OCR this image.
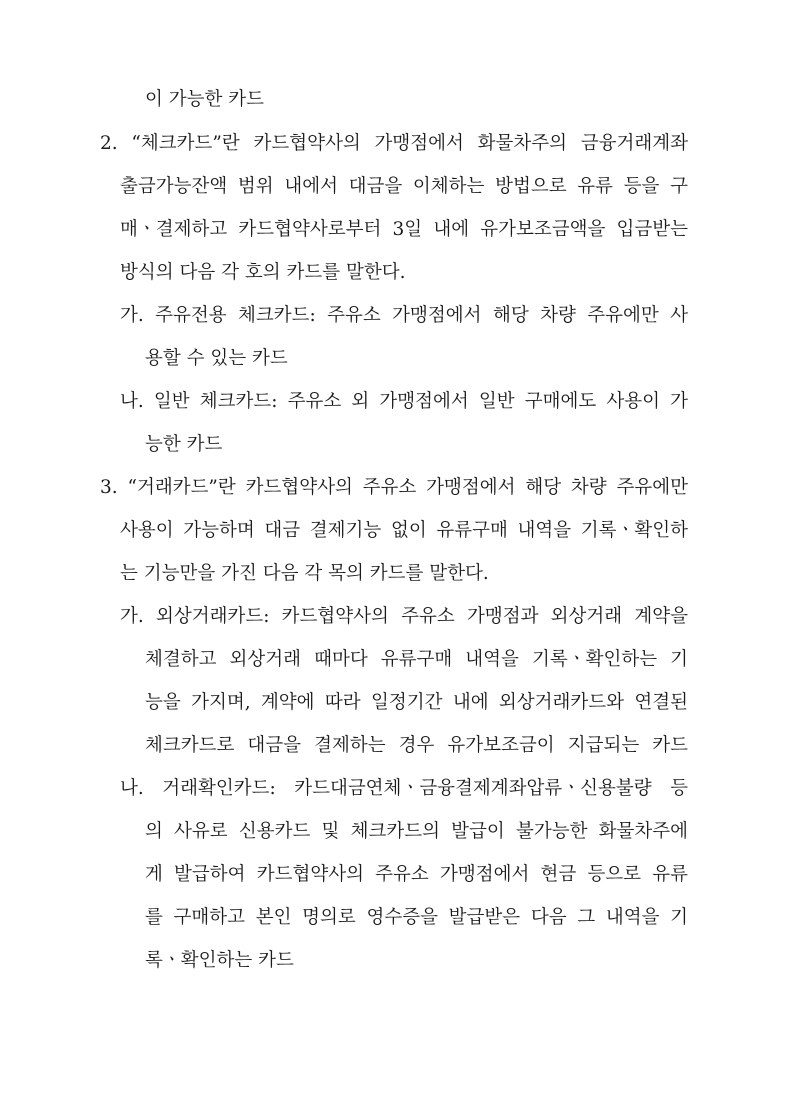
이 가능한 카드
2. “체크카드”란 카드협약사의 가맹점에서 화물차주의 금융거래계좌
출금가능잔액 범위 내에서 대금을 이체하는 방법으로 유류 등을 구
매ㆍ결제하고 카드협약사로부터 3일 내에 유가보조금액을 입금받는
방식의 다음 각 호의 카드를 말한다.
가. 주유전용 체크카드: 주유소 가맹점에서 해당 차량 주유에만 사
용할 수 있는 카드
나. 일반 체크카드: 주유소 외 가맹점에서 일반 구매에도 사용이 가
능한 카드
3. “거래카드”란 카드협약사의 주유소 가맹점에서 해당 차량 주유에만
사용이 가능하며 대금 결제기능 없이 유류구매 내역을 기록ㆍ확인하
는 기능만을 가진 다음 각 목의 카드를 말한다.
가. 외상거래카드: 카드협약사의 주유소 가맹점과 외상거래 계약을
체결하고 외상거래 때마다 유류구매 내역을 기록ㆍ확인하는 기
능을 가지며, 계약에 따라 일정기간 내에 외상거래카드와 연결된
체크카드로 대금을 결제하는 경우 유가보조금이 지급되는 카드
나. 거래확인카드: 카드대금연체ㆍ금융결제계좌압류ㆍ신용불량 등
의 사유로 신용카드 및 체크카드의 발급이 불가능한 화물차주에
게 발급하여 카드협약사의 주유소 가맹점에서 현금 등으로 유류
를 구매하고 본인 명의로 영수증을 발급받은 다음 그 내역을 기
록ㆍ확인하는 카드
